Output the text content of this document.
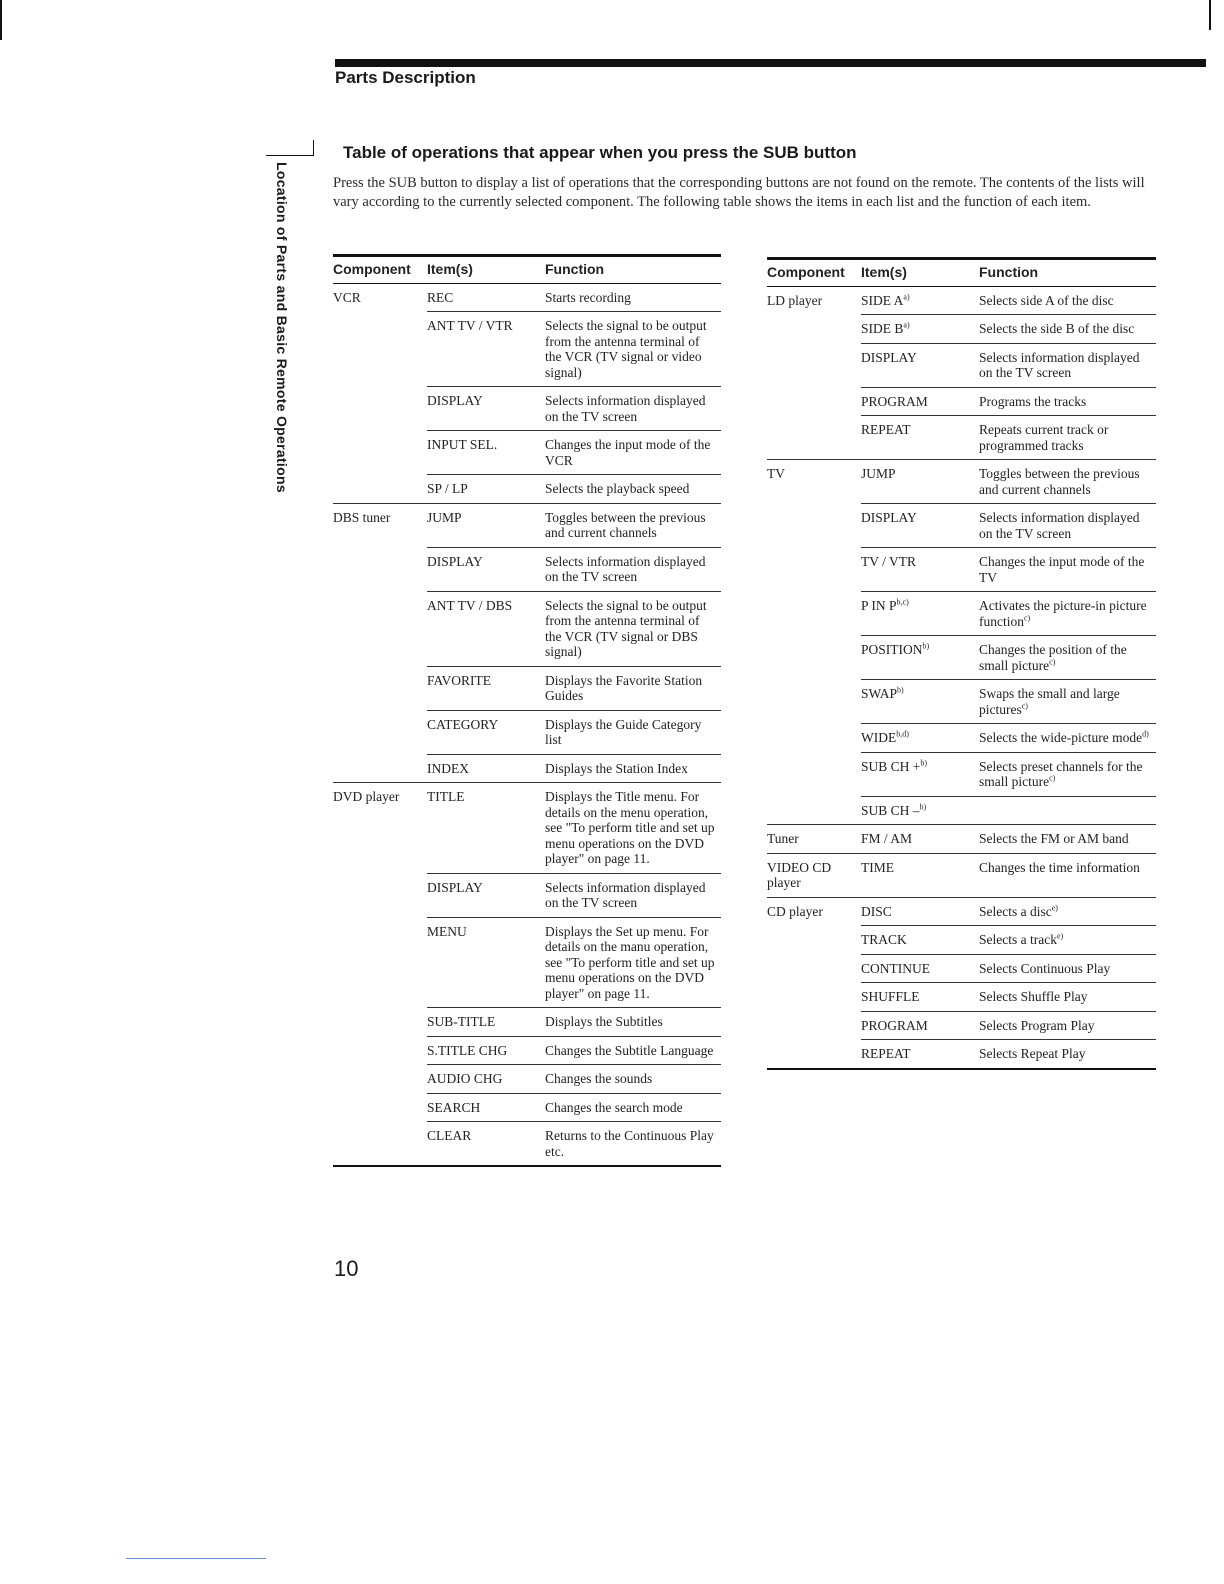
Parts Description
Location of Parts and Basic Remote Operations
Table of operations that appear when you press the SUB button

Press the SUB button to display a list of operations that the corresponding buttons are not found on the remote. The contents of the lists will vary according to the currently selected component. The following table shows the items in each list and the function of each item.

Component	Item(s)	Function
VCR	REC	Starts recording
	ANT TV / VTR	Selects the signal to be output from the antenna terminal of the VCR (TV signal or video signal)
	DISPLAY	Selects information displayed on the TV screen
	INPUT SEL.	Changes the input mode of the VCR
	SP / LP	Selects the playback speed
DBS tuner	JUMP	Toggles between the previous and current channels
	DISPLAY	Selects information displayed on the TV screen
	ANT TV / DBS	Selects the signal to be output from the antenna terminal of the VCR (TV signal or DBS signal)
	FAVORITE	Displays the Favorite Station Guides
	CATEGORY	Displays the Guide Category list
	INDEX	Displays the Station Index
DVD player	TITLE	Displays the Title menu. For details on the menu operation, see "To perform title and set up menu operations on the DVD player" on page 11.
	DISPLAY	Selects information displayed on the TV screen
	MENU	Displays the Set up menu. For details on the manu operation, see "To perform title and set up menu operations on the DVD player" on page 11.
	SUB-TITLE	Displays the Subtitles
	S.TITLE CHG	Changes the Subtitle Language
	AUDIO CHG	Changes the sounds
	SEARCH	Changes the search mode
	CLEAR	Returns to the Continuous Play etc.
Component	Item(s)	Function
LD player	SIDE $A^{a)}$	Selects side A of the disc
	SIDE $B^{a)}$	Selects the side B of the disc
	DISPLAY	Selects information displayed on the TV screen
	PROGRAM	Programs the tracks
	REPEAT	Repeats current track or programmed tracks
TV	JUMP	Toggles between the previous and current channels
	DISPLAY	Selects information displayed on the TV screen
	TV / VTR	Changes the input mode of the TV
	P IN P$^{b,c)}$	Activates the picture-in picture function$^{c)}$
	POSITION$^{b)}$	Changes the position of the small picture$^{c)}$
	SWAP$^{b)}$	Swaps the small and large pictures$^{c)}$
	WIDE$^{b,d)}$	Selects the wide-picture mode$^{d)}$
	SUB CH +$^{b)}$	Selects preset channels for the small picture$^{c)}$
	SUB CH –$^{b)}$	
Tuner	FM / AM	Selects the FM or AM band
VIDEO CD player	TIME	Changes the time information
CD player	DISC	Selects a disc$^{e)}$
	TRACK	Selects a track$^{e)}$
	CONTINUE	Selects Continuous Play
	SHUFFLE	Selects Shuffle Play
	PROGRAM	Selects Program Play
	REPEAT	Selects Repeat Play
10
